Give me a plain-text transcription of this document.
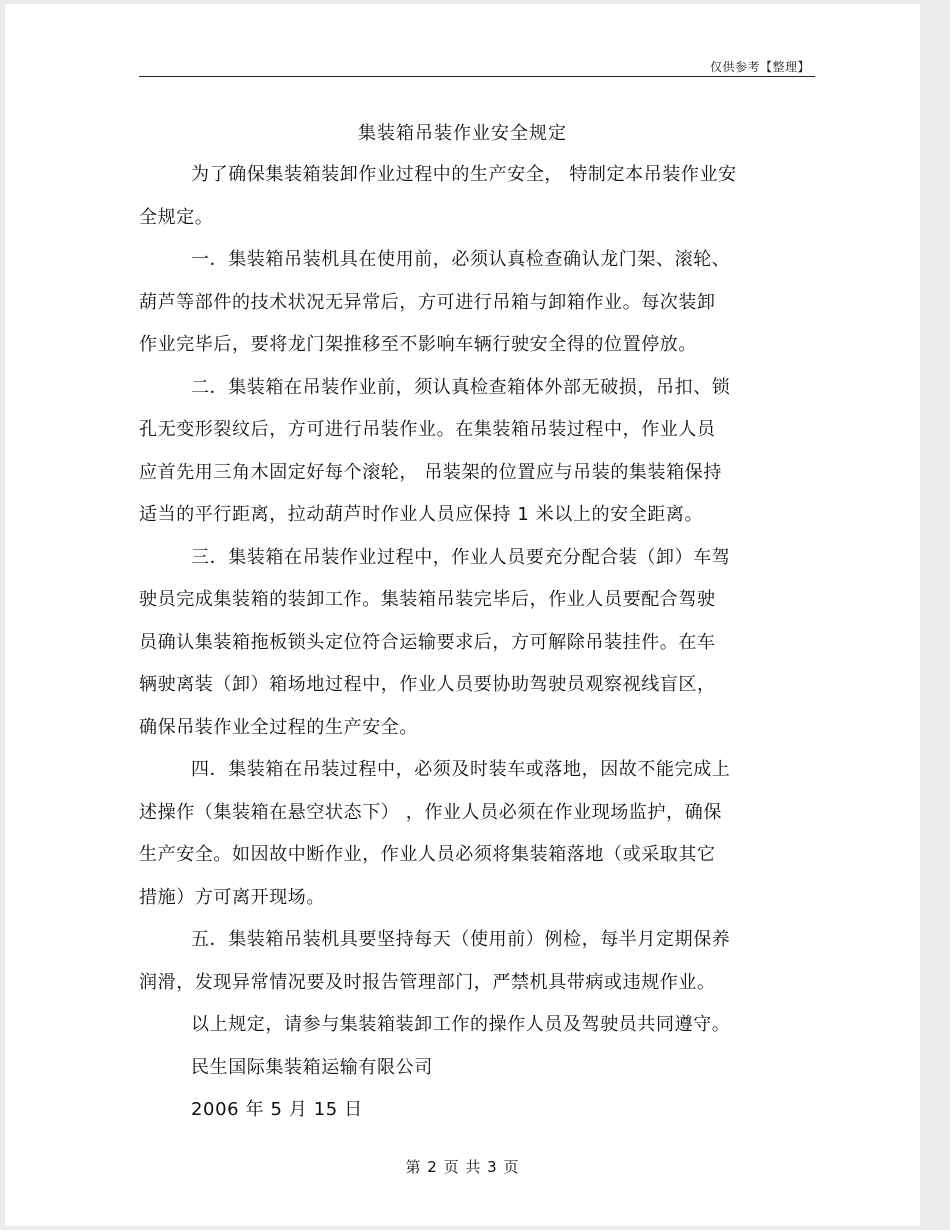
仅供参考【整理】
集装箱吊装作业安全规定
为了确保集装箱装卸作业过程中的生产安全， 特制定本吊装作业安
全规定。
一．集装箱吊装机具在使用前，必须认真检查确认龙门架、滚轮、
葫芦等部件的技术状况无异常后，方可进行吊箱与卸箱作业。每次装卸
作业完毕后，要将龙门架推移至不影响车辆行驶安全得的位置停放。
二．集装箱在吊装作业前，须认真检查箱体外部无破损，吊扣、锁
孔无变形裂纹后，方可进行吊装作业。在集装箱吊装过程中，作业人员
应首先用三角木固定好每个滚轮， 吊装架的位置应与吊装的集装箱保持
适当的平行距离，拉动葫芦时作业人员应保持 1 米以上的安全距离。
三．集装箱在吊装作业过程中，作业人员要充分配合装（卸）车驾
驶员完成集装箱的装卸工作。集装箱吊装完毕后，作业人员要配合驾驶
员确认集装箱拖板锁头定位符合运输要求后，方可解除吊装挂件。在车
辆驶离装（卸）箱场地过程中，作业人员要协助驾驶员观察视线盲区，
确保吊装作业全过程的生产安全。
四．集装箱在吊装过程中，必须及时装车或落地，因故不能完成上
述操作（集装箱在悬空状态下） ，作业人员必须在作业现场监护，确保
生产安全。如因故中断作业，作业人员必须将集装箱落地（或采取其它
措施）方可离开现场。
五．集装箱吊装机具要坚持每天（使用前）例检，每半月定期保养
润滑，发现异常情况要及时报告管理部门，严禁机具带病或违规作业。
以上规定，请参与集装箱装卸工作的操作人员及驾驶员共同遵守。
民生国际集装箱运输有限公司
2006 年 5 月 15 日
第 2 页 共 3 页
